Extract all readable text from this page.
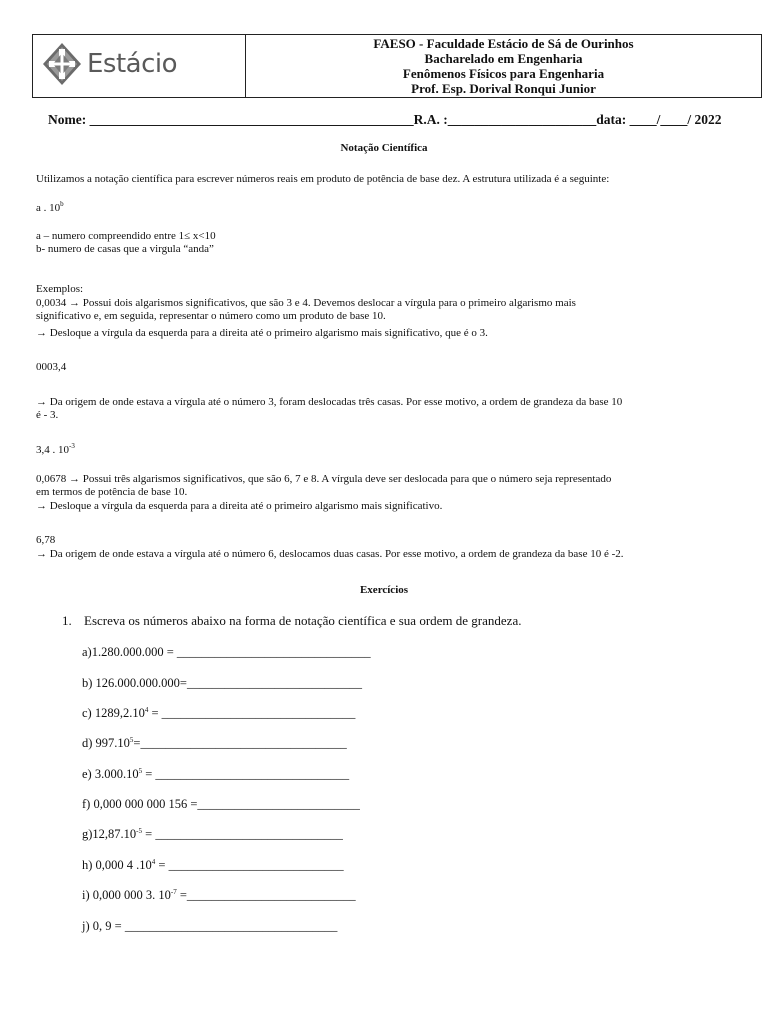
Estácio
FAESO - Faculdade Estácio de Sá de Ourinhos
Bacharelado em Engenharia
Fenômenos Físicos para Engenharia
Prof. Esp. Dorival Ronqui Junior
Nome: ________________________________________________R.A. :______________________data: ____/____/ 2022
Notação Científica
Utilizamos a notação científica para escrever números reais em produto de potência de base dez. A estrutura utilizada é a seguinte:
a . 10$^b$
a – numero compreendido entre 1≤ x<10
b- numero de casas que a virgula “anda”
Exemplos:
0,0034 → Possui dois algarismos significativos, que são 3 e 4. Devemos deslocar a vírgula para o primeiro algarismo mais
significativo e, em seguida, representar o número como um produto de base 10.
→ Desloque a vírgula da esquerda para a direita até o primeiro algarismo mais significativo, que é o 3.
0003,4
→ Da origem de onde estava a vírgula até o número 3, foram deslocadas três casas. Por esse motivo, a ordem de grandeza da base 10
é - 3.
3,4 . $10^{-3}$
0,0678 → Possui três algarismos significativos, que são 6, 7 e 8. A vírgula deve ser deslocada para que o número seja representado
em termos de potência de base 10.
→ Desloque a vírgula da esquerda para a direita até o primeiro algarismo mais significativo.
6,78
→ Da origem de onde estava a vírgula até o número 6, deslocamos duas casas. Por esse motivo, a ordem de grandeza da base 10 é -2.
Exercícios
1. Escreva os números abaixo na forma de notação científica e sua ordem de grandeza.
a)1.280.000.000 = _______________________________
b) 126.000.000.000=____________________________
c) $1289,2.10^4$ = _______________________________
d) $997.10^5=\_\_\_\_\_\_\_\_\_\_\_\_\_\_\_\_\_\_\_\_\_\_\_\_\_\_\_\_\_\_\_\_\_$
e) $3.000.10^5$ = _______________________________
f) 0,000 000 000 156 =__________________________
$g)12,87.10^{-5}$ = ______________________________
h) 0,000 4 $.10^4$ = ____________________________
i) 0,000 000 3. $10^{-7}$ =___________________________
j) 0, 9 = __________________________________
